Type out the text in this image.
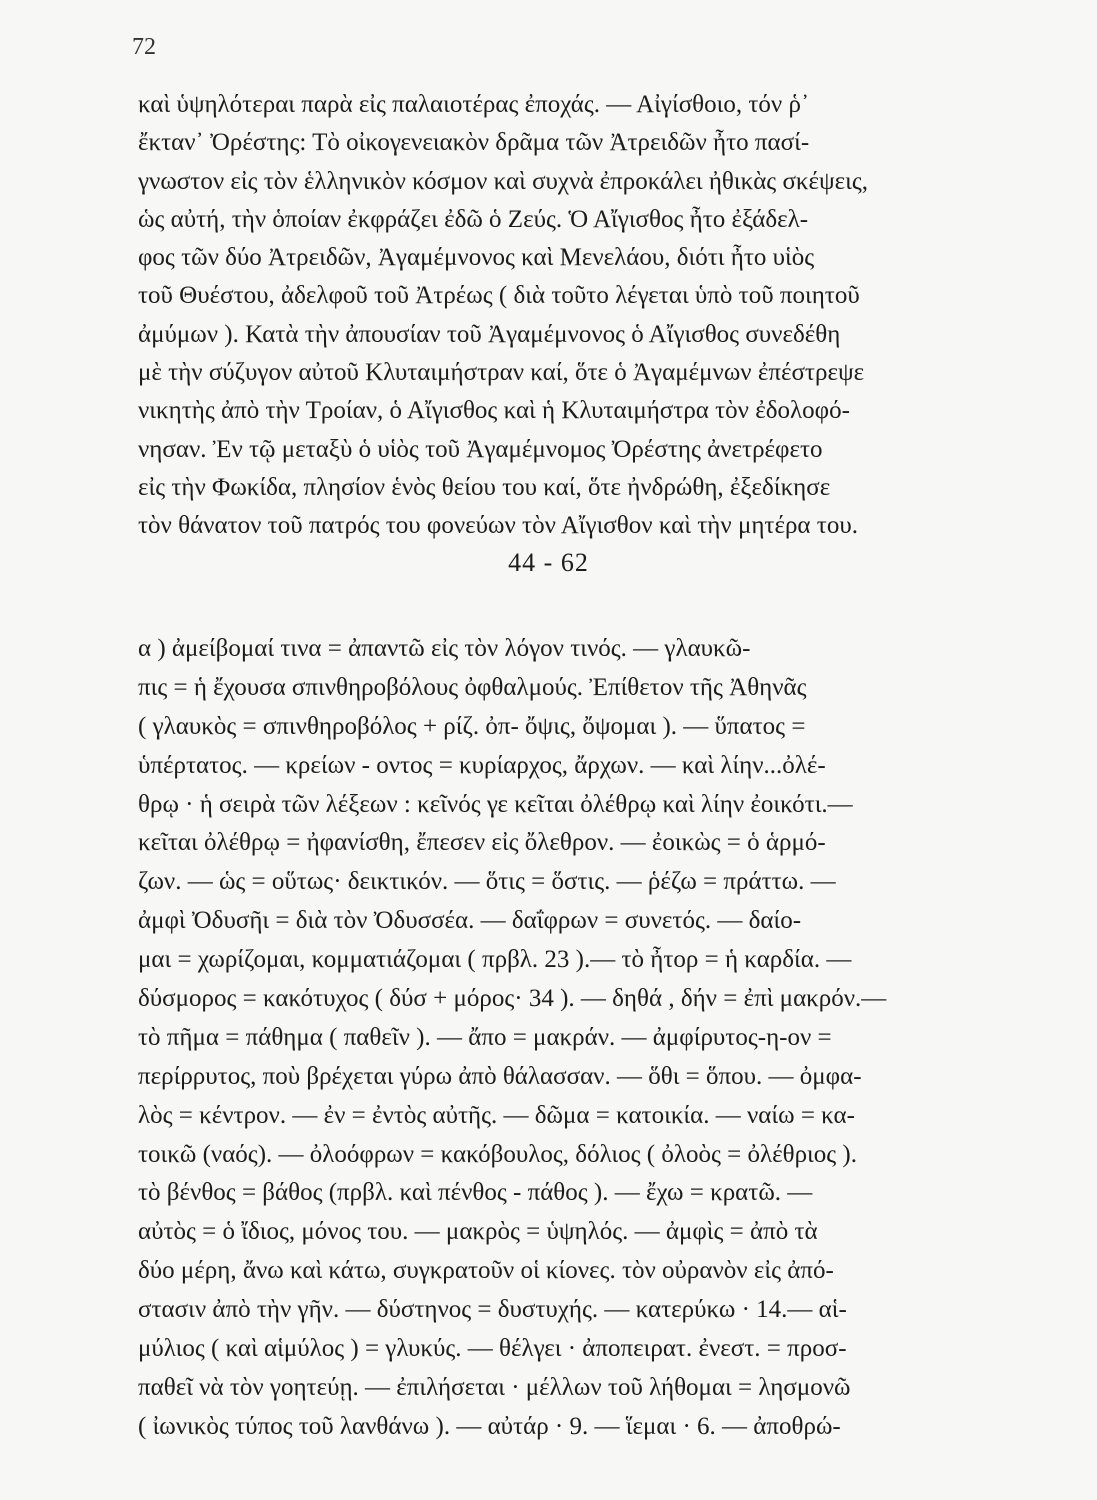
72
καὶ ὑψηλότεραι παρὰ εἰς παλαιοτέρας ἐποχάς. — Αἰγίσθοιο, τόν ῥ᾽
ἔκταν᾽ Ὀρέστης: Τὸ οἰκογενειακὸν δρᾶμα τῶν Ἀτρειδῶν ἦτο πασί-
γνωστον εἰς τὸν ἑλληνικὸν κόσμον καὶ συχνὰ ἐπροκάλει ἠθικὰς σκέψεις,
ὡς αὐτή, τὴν ὁποίαν ἐκφράζει ἐδῶ ὁ Ζεύς. Ὁ Αἴγισθος ἦτο ἐξάδελ-
φος τῶν δύο Ἀτρειδῶν, Ἀγαμέμνονος καὶ Μενελάου, διότι ἦτο υἱὸς
τοῦ Θυέστου, ἀδελφοῦ τοῦ Ἀτρέως ( διὰ τοῦτο λέγεται ὑπὸ τοῦ ποιητοῦ
ἀμύμων ). Κατὰ τὴν ἀπουσίαν τοῦ Ἀγαμέμνονος ὁ Αἴγισθος συνεδέθη
μὲ τὴν σύζυγον αὐτοῦ Κλυταιμήστραν καί, ὅτε ὁ Ἀγαμέμνων ἐπέστρεψε
νικητὴς ἀπὸ τὴν Τροίαν, ὁ Αἴγισθος καὶ ἡ Κλυταιμήστρα τὸν ἐδολοφό-
νησαν. Ἐν τῷ μεταξὺ ὁ υἱὸς τοῦ Ἀγαμέμνομος Ὀρέστης ἀνετρέφετο
εἰς τὴν Φωκίδα, πλησίον ἑνὸς θείου του καί, ὅτε ἠνδρώθη, ἐξεδίκησε
τὸν θάνατον τοῦ πατρός του φονεύων τὸν Αἴγισθον καὶ τὴν μητέρα του.
44 - 62
α ) ἀμείβομαί τινα = ἀπαντῶ εἰς τὸν λόγον τινός. — γλαυκῶ-
πις = ἡ ἔχουσα σπινθηροβόλους ὀφθαλμούς. Ἐπίθετον τῆς Ἀθηνᾶς
( γλαυκὸς = σπινθηροβόλος + ρίζ. ὀπ- ὄψις, ὄψομαι ). — ὕπατος =
ὑπέρτατος. — κρείων - οντος = κυρίαρχος, ἄρχων. — καὶ λίην...ὀλέ-
θρῳ · ἡ σειρὰ τῶν λέξεων : κεῖνός γε κεῖται ὀλέθρῳ καὶ λίην ἐοικότι.—
κεῖται ὀλέθρῳ = ἠφανίσθη, ἔπεσεν εἰς ὄλεθρον. — ἐοικὼς = ὁ ἁρμό-
ζων. — ὡς = οὕτως· δεικτικόν. — ὅτις = ὅστις. — ῥέζω = πράττω. —
ἀμφὶ Ὀδυσῆι = διὰ τὸν Ὀδυσσέα. — δαΐφρων = συνετός. — δαίο-
μαι = χωρίζομαι, κομματιάζομαι ( πρβλ. 23 ).— τὸ ἦτορ = ἡ καρδία. —
δύσμορος = κακότυχος ( δύσ + μόρος· 34 ). — δηθά , δήν = ἐπὶ μακρόν.—
τὸ πῆμα = πάθημα ( παθεῖν ). — ἄπο = μακράν. — ἀμφίρυτος-η-ον =
περίρρυτος, ποὺ βρέχεται γύρω ἀπὸ θάλασσαν. — ὅθι = ὅπου. — ὀμφα-
λὸς = κέντρον. — ἐν = ἐντὸς αὐτῆς. — δῶμα = κατοικία. — ναίω = κα-
τοικῶ (ναός). — ὀλοόφρων = κακόβουλος, δόλιος ( ὀλοὸς = ὀλέθριος ).
τὸ βένθος = βάθος (πρβλ. καὶ πένθος - πάθος ). — ἔχω = κρατῶ. —
αὐτὸς = ὁ ἴδιος, μόνος του. — μακρὸς = ὑψηλός. — ἀμφὶς = ἀπὸ τὰ
δύο μέρη, ἄνω καὶ κάτω, συγκρατοῦν οἱ κίονες. τὸν οὐρανὸν εἰς ἀπό-
στασιν ἀπὸ τὴν γῆν. — δύστηνος = δυστυχής. — κατερύκω · 14.— αἱ-
μύλιος ( καὶ αἱμύλος ) = γλυκύς. — θέλγει · ἀποπειρατ. ἐνεστ. = προσ-
παθεῖ νὰ τὸν γοητεύῃ. — ἐπιλήσεται · μέλλων τοῦ λήθομαι = λησμονῶ
( ἰωνικὸς τύπος τοῦ λανθάνω ). — αὐτάρ · 9. — ἵεμαι · 6. — ἀποθρώ-
